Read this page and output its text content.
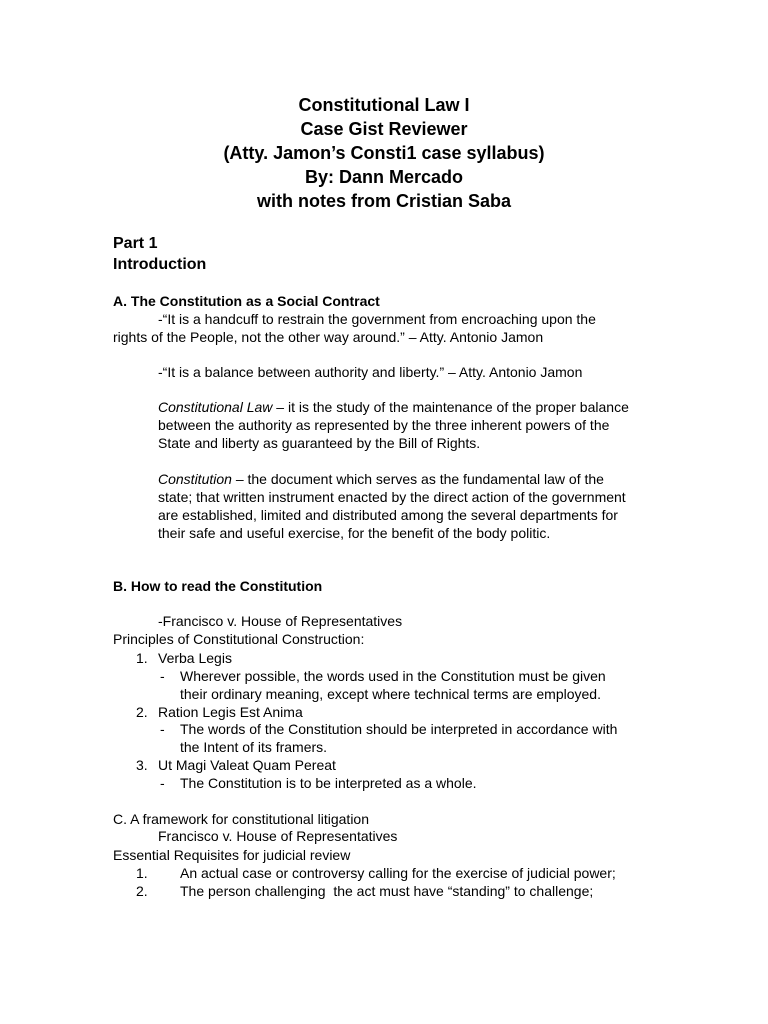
Constitutional Law I
Case Gist Reviewer
(Atty. Jamon’s Consti1 case syllabus)
By: Dann Mercado
with notes from Cristian Saba
Part 1
Introduction
A. The Constitution as a Social Contract
-“It is a handcuff to restrain the government from encroaching upon the
rights of the People, not the other way around.” – Atty. Antonio Jamon
-“It is a balance between authority and liberty.” – Atty. Antonio Jamon
Constitutional Law – it is the study of the maintenance of the proper balance between the authority as represented by the three inherent powers of the State and liberty as guaranteed by the Bill of Rights.
Constitution – the document which serves as the fundamental law of the state; that written instrument enacted by the direct action of the government are established, limited and distributed among the several departments for their safe and useful exercise, for the benefit of the body politic.
B. How to read the Constitution
-Francisco v. House of Representatives
Principles of Constitutional Construction:
1. Verba Legis
- Wherever possible, the words used in the Constitution must be given
their ordinary meaning, except where technical terms are employed.
2. Ration Legis Est Anima
- The words of the Constitution should be interpreted in accordance with
the Intent of its framers.
3. Ut Magi Valeat Quam Pereat
- The Constitution is to be interpreted as a whole.
C. A framework for constitutional litigation
Francisco v. House of Representatives
Essential Requisites for judicial review
1. An actual case or controversy calling for the exercise of judicial power;
2. The person challenging  the act must have “standing” to challenge;
